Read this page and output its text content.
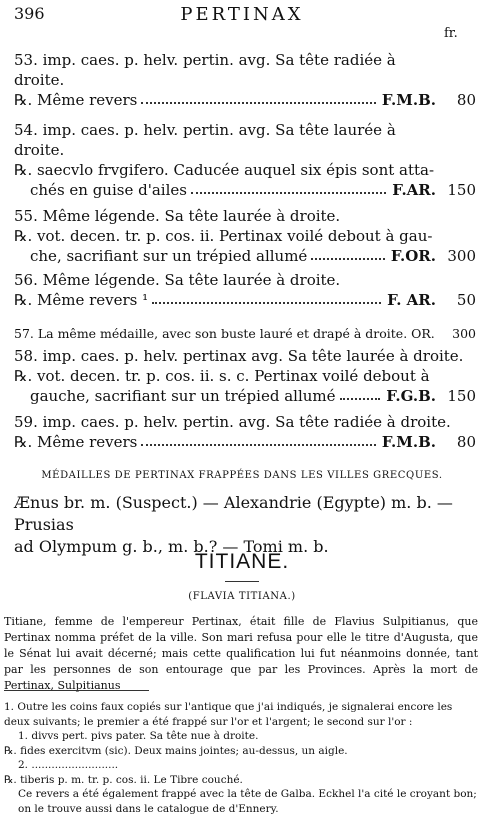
396	PERTINAX
fr.
53. imp. caes. p. helv. pertin. avg. Sa tête radiée à
droite.
℞. Même revers	F.M.B.	80
54. imp. caes. p. helv. pertin. avg. Sa tête laurée à
droite.
℞. saecvlo frvgifero. Caducée auquel six épis sont atta-
chés en guise d'ailes	F.AR. 150
55. Même légende. Sa tête laurée à droite.
℞. vot. decen. tr. p. cos. ii. Pertinax voilé debout à gau-
che, sacrifiant sur un trépied allumé	F.OR. 300
56. Même légende. Sa tête laurée à droite.
℞. Même revers ¹	F. AR.	50
57. La même médaille, avec son buste lauré et drapé à droite. OR.	300
58. imp. caes. p. helv. pertinax avg. Sa tête laurée à droite.
℞. vot. decen. tr. p. cos. ii. s. c. Pertinax voilé debout à
gauche, sacrifiant sur un trépied allumé	F.G.B. 150
59. imp. caes. p. helv. pertin. avg. Sa tête radiée à droite.
℞. Même revers	F.M.B.	80
MÉDAILLES DE PERTINAX FRAPPÉES DANS LES VILLES GRECQUES.
Ænus br. m. (Suspect.) — Alexandrie (Egypte) m. b. — Prusias
ad Olympum g. b., m. b.? — Tomi m. b.
TITIANE.
(FLAVIA TITIANA.)
Titiane, femme de l'empereur Pertinax, était fille de Flavius Sulpitianus, que Pertinax nomma préfet de la ville. Son mari refusa pour elle le titre d'Augusta, que le Sénat lui avait décerné; mais cette qualification lui fut néanmoins donnée, tant par les personnes de son entourage que par les Provinces. Après la mort de Pertinax, Sulpitianus
1. Outre les coins faux copiés sur l'antique que j'ai indiqués, je signalerai encore les deux suivants; le premier a été frappé sur l'or et l'argent; le second sur l'or :
1. divvs pert. pivs pater. Sa tête nue à droite.
℞. fides exercitvm (sic). Deux mains jointes; au-dessus, un aigle.
2. ..........................
℞. tiberis p. m. tr. p. cos. ii. Le Tibre couché.
Ce revers a été également frappé avec la tête de Galba. Eckhel l'a cité le croyant bon; on le trouve aussi dans le catalogue de d'Ennery.
